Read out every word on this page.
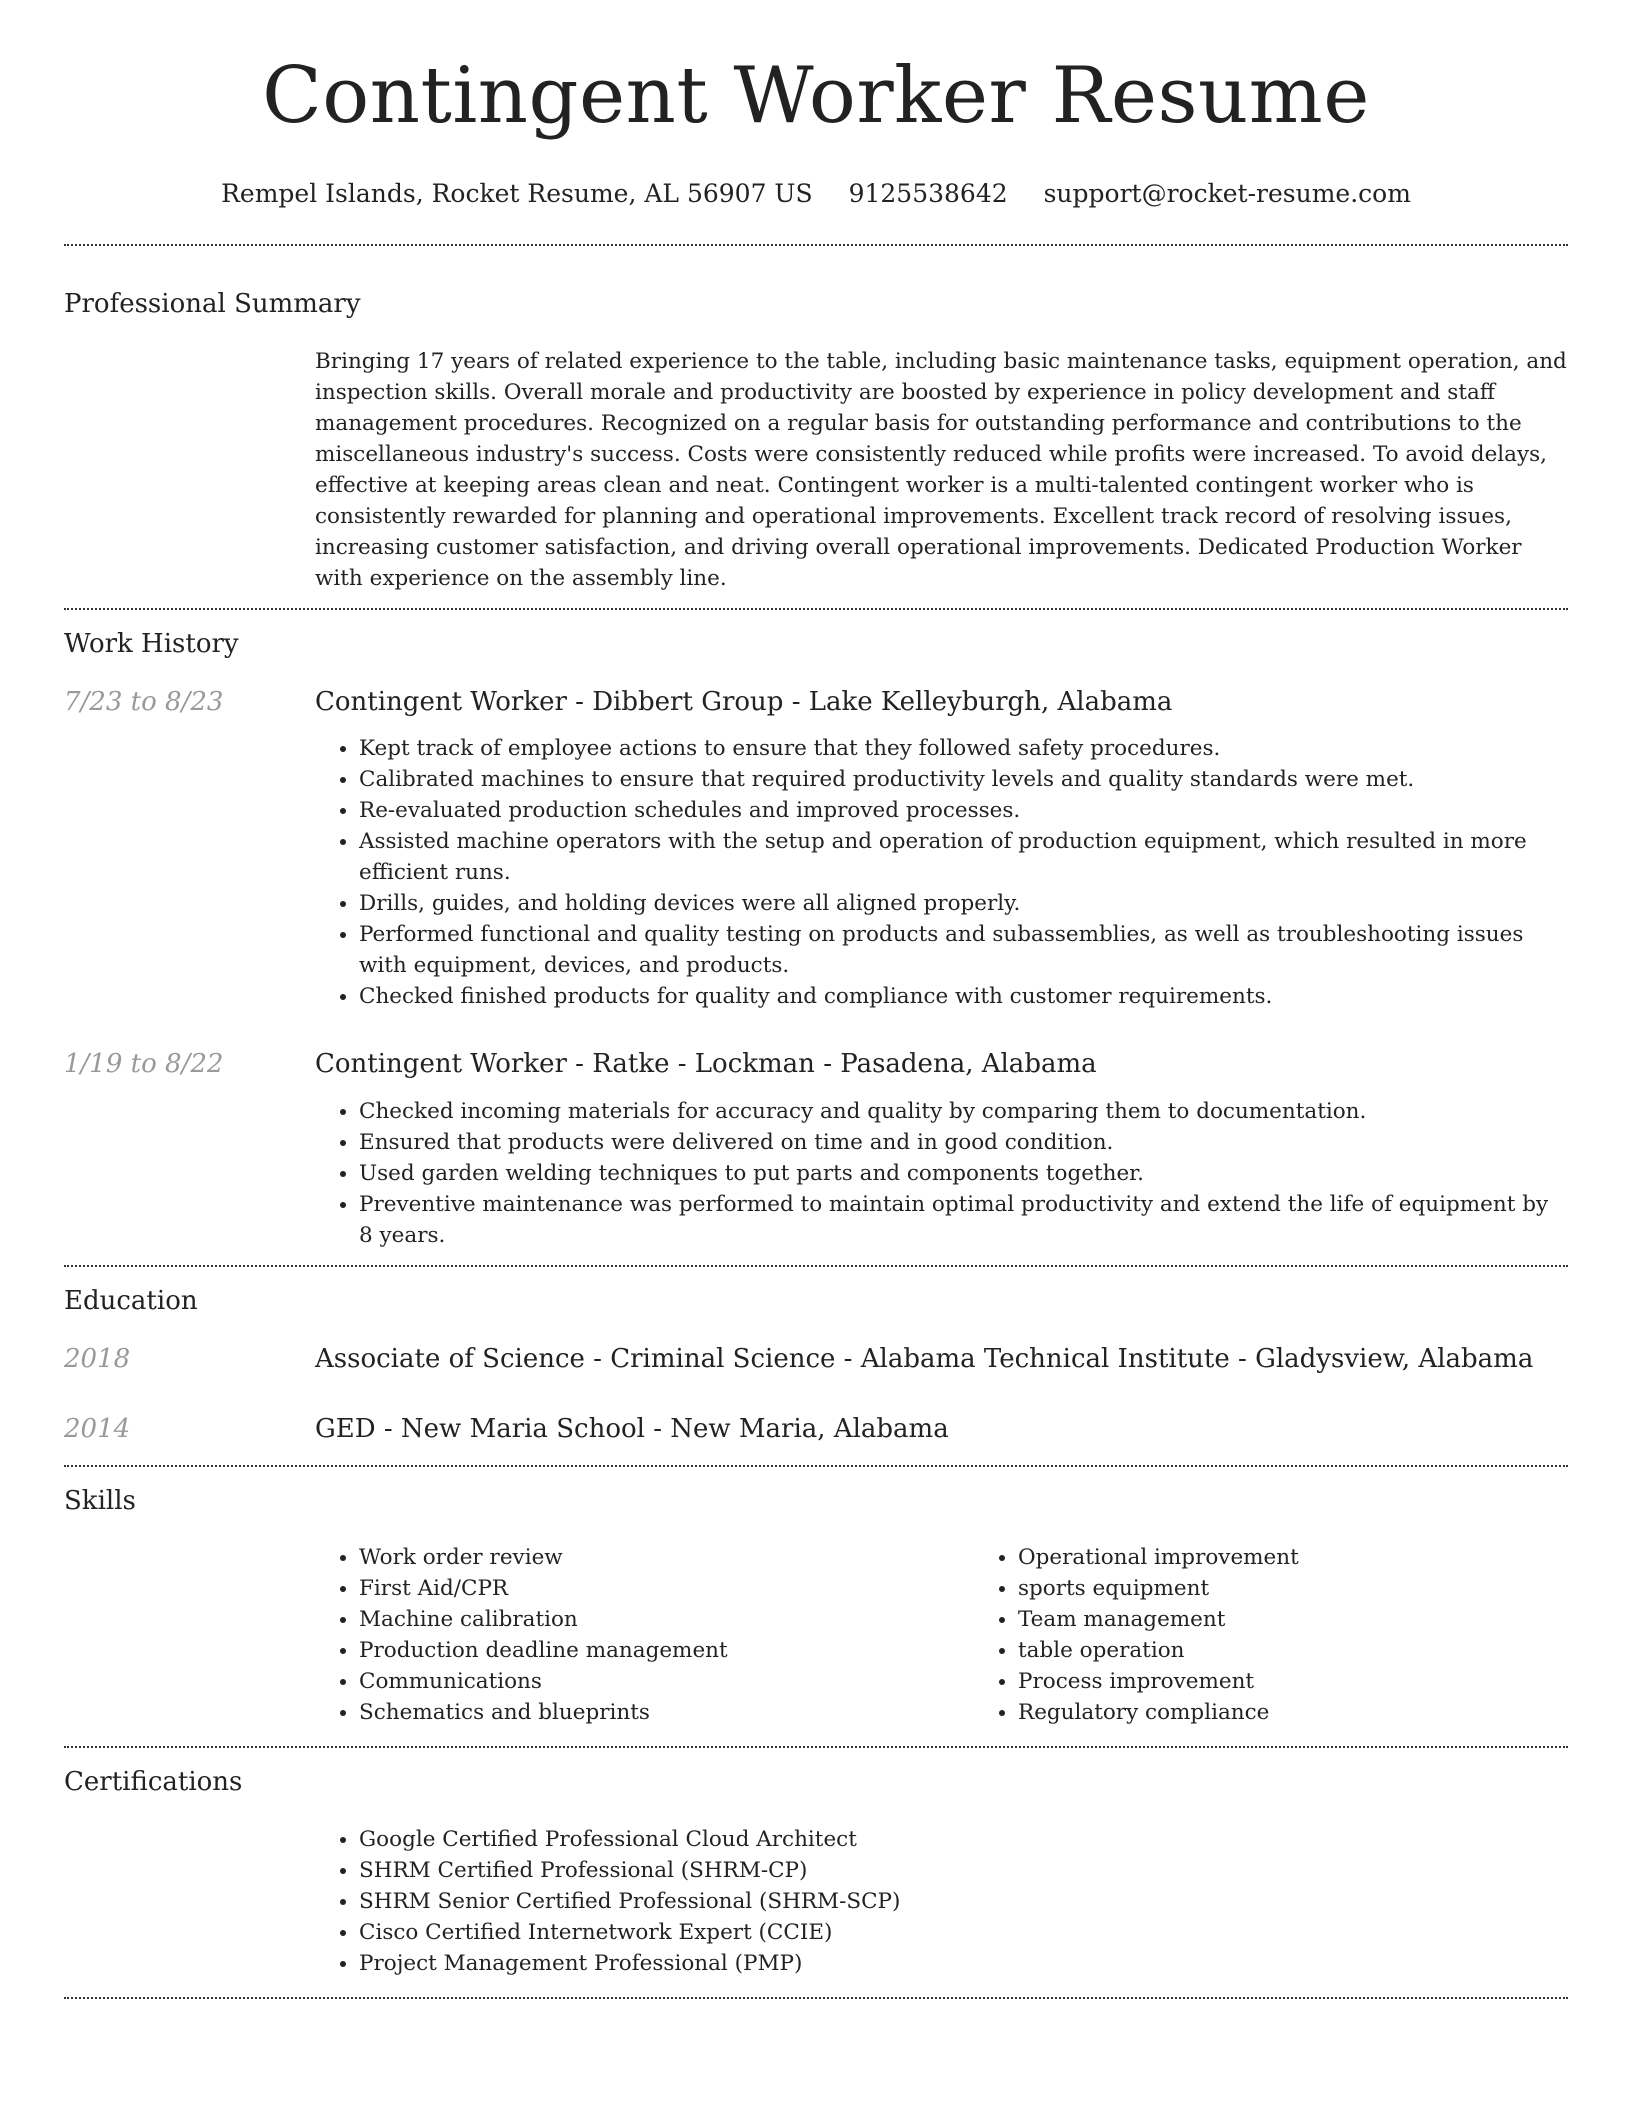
Contingent Worker Resume
Rempel Islands, Rocket Resume, AL 56907 US 9125538642 support@rocket-resume.com
Professional Summary

Bringing 17 years of related experience to the table, including basic maintenance tasks, equipment operation, and inspection skills. Overall morale and productivity are boosted by experience in policy development and staff management procedures. Recognized on a regular basis for outstanding performance and contributions to the miscellaneous industry's success. Costs were consistently reduced while profits were increased. To avoid delays, effective at keeping areas clean and neat. Contingent worker is a multi-talented contingent worker who is consistently rewarded for planning and operational improvements. Excellent track record of resolving issues, increasing customer satisfaction, and driving overall operational improvements. Dedicated Production Worker with experience on the assembly line.

Work History
7/23 to 8/23	Contingent Worker - Dibbert Group - Lake Kelleyburgh, Alabama
• Kept track of employee actions to ensure that they followed safety procedures.
• Calibrated machines to ensure that required productivity levels and quality standards were met.
• Re-evaluated production schedules and improved processes.
• Assisted machine operators with the setup and operation of production equipment, which resulted in more efficient runs.
• Drills, guides, and holding devices were all aligned properly.
• Performed functional and quality testing on products and subassemblies, as well as troubleshooting issues with equipment, devices, and products.
• Checked finished products for quality and compliance with customer requirements.
1/19 to 8/22	Contingent Worker - Ratke - Lockman - Pasadena, Alabama
• Checked incoming materials for accuracy and quality by comparing them to documentation.
• Ensured that products were delivered on time and in good condition.
• Used garden welding techniques to put parts and components together.
• Preventive maintenance was performed to maintain optimal productivity and extend the life of equipment by 8 years.
Education
2018	Associate of Science - Criminal Science - Alabama Technical Institute - Gladysview, Alabama
2014	GED - New Maria School - New Maria, Alabama
Skills
• Work order review
• First Aid/CPR
• Machine calibration
• Production deadline management
• Communications
• Schematics and blueprints
• Operational improvement
• sports equipment
• Team management
• table operation
• Process improvement
• Regulatory compliance
Certifications
• Google Certified Professional Cloud Architect
• SHRM Certified Professional (SHRM-CP)
• SHRM Senior Certified Professional (SHRM-SCP)
• Cisco Certified Internetwork Expert (CCIE)
• Project Management Professional (PMP)
